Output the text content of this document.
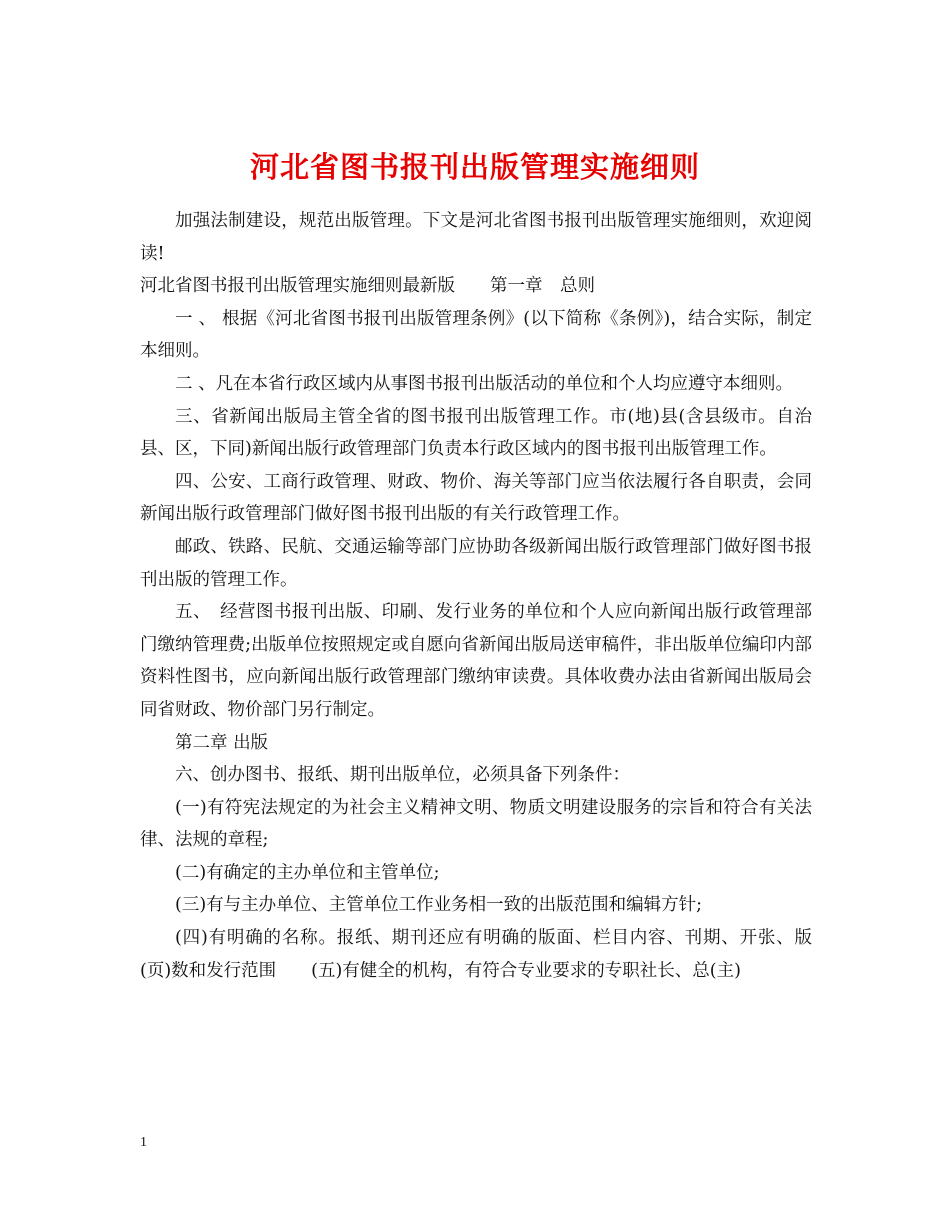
河北省图书报刊出版管理实施细则

加强法制建设，规范出版管理。下文是河北省图书报刊出版管理实施细则，欢迎阅读!

河北省图书报刊出版管理实施细则最新版　　第一章　总则

一 、 根据《河北省图书报刊出版管理条例》(以下简称《条例》)，结合实际，制定本细则。

二 、凡在本省行政区域内从事图书报刊出版活动的单位和个人均应遵守本细则。

三、省新闻出版局主管全省的图书报刊出版管理工作。市(地)县(含县级市。自治县、区，下同)新闻出版行政管理部门负责本行政区域内的图书报刊出版管理工作。

四、公安、工商行政管理、财政、物价、海关等部门应当依法履行各自职责，会同新闻出版行政管理部门做好图书报刊出版的有关行政管理工作。

邮政、铁路、民航、交通运输等部门应协助各级新闻出版行政管理部门做好图书报刊出版的管理工作。

五、　经营图书报刊出版、印刷、发行业务的单位和个人应向新闻出版行政管理部门缴纳管理费;出版单位按照规定或自愿向省新闻出版局送审稿件，非出版单位编印内部资料性图书，应向新闻出版行政管理部门缴纳审读费。具体收费办法由省新闻出版局会同省财政、物价部门另行制定。

第二章 出版

六、创办图书、报纸、期刊出版单位，必须具备下列条件：

(一)有符宪法规定的为社会主义精神文明、物质文明建设服务的宗旨和符合有关法律、法规的章程;

(二)有确定的主办单位和主管单位;

(三)有与主办单位、主管单位工作业务相一致的出版范围和编辑方针;

(四)有明确的名称。报纸、期刊还应有明确的版面、栏目内容、刊期、开张、版(页)数和发行范围　　(五)有健全的机构，有符合专业要求的专职社长、总(主)

1
